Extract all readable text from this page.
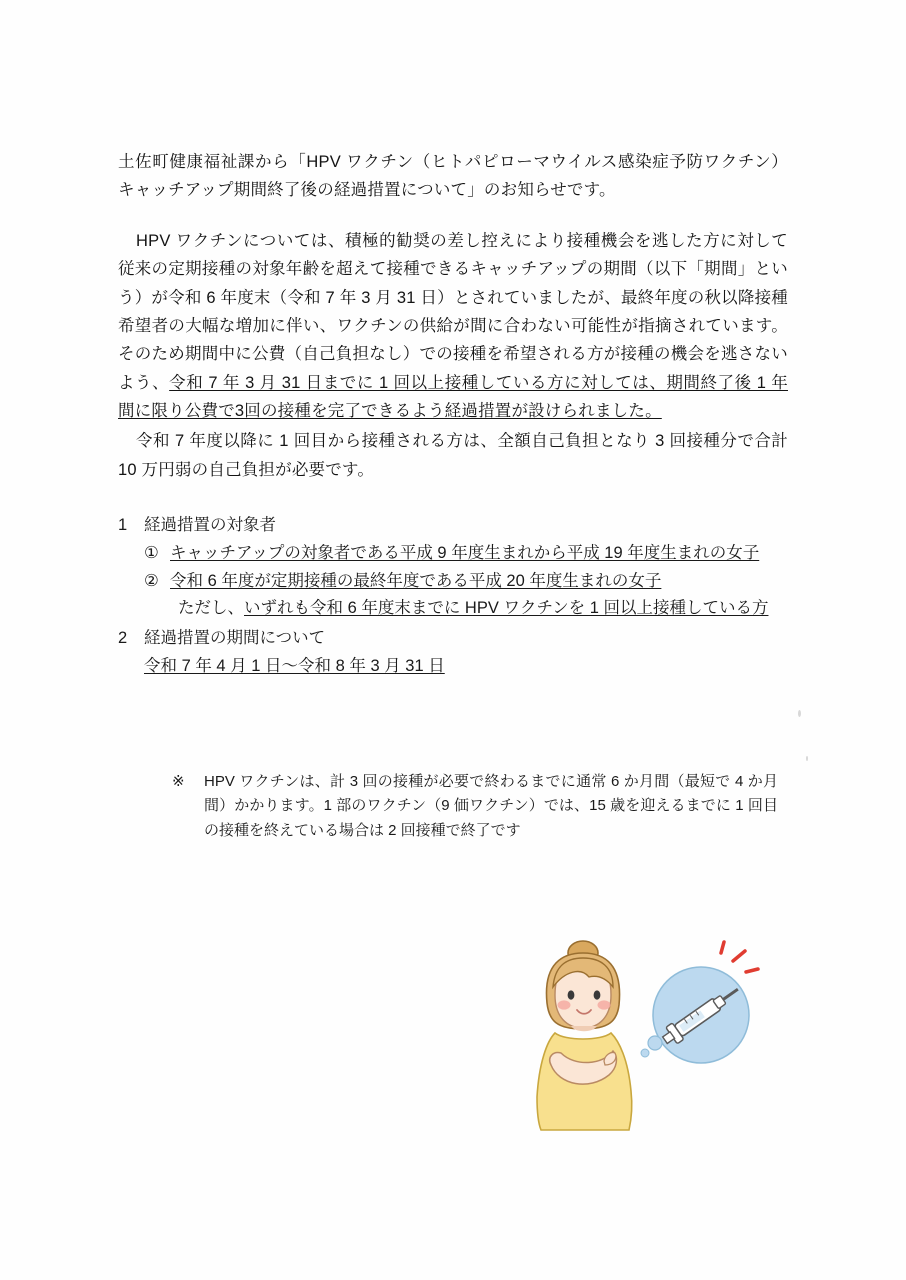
土佐町健康福祉課から「HPV ワクチン（ヒトパピローマウイルス感染症予防ワクチン）キャッチアップ期間終了後の経過措置について」のお知らせです。

HPV ワクチンについては、積極的勧奨の差し控えにより接種機会を逃した方に対して従来の定期接種の対象年齢を超えて接種できるキャッチアップの期間（以下「期間」という）が令和 6 年度末（令和 7 年 3 月 31 日）とされていましたが、最終年度の秋以降接種希望者の大幅な増加に伴い、ワクチンの供給が間に合わない可能性が指摘されています。そのため期間中に公費（自己負担なし）での接種を希望される方が接種の機会を逃さないよう、令和 7 年 3 月 31 日までに 1 回以上接種している方に対しては、期間終了後 1 年間に限り公費で3回の接種を完了できるよう経過措置が設けられました。

令和 7 年度以降に 1 回目から接種される方は、全額自己負担となり 3 回接種分で合計 10 万円弱の自己負担が必要です。

1	経過措置の対象者
① キャッチアップの対象者である平成 9 年度生まれから平成 19 年度生まれの女子
② 令和 6 年度が定期接種の最終年度である平成 20 年度生まれの女子
ただし、いずれも令和 6 年度末までに HPV ワクチンを 1 回以上接種している方
2	経過措置の期間について
令和 7 年 4 月 1 日～令和 8 年 3 月 31 日
※	HPV ワクチンは、計 3 回の接種が必要で終わるまでに通常 6 か月間（最短で 4 か月間）かかります。1 部のワクチン（9 価ワクチン）では、15 歳を迎えるまでに 1 回目の接種を終えている場合は 2 回接種で終了です
